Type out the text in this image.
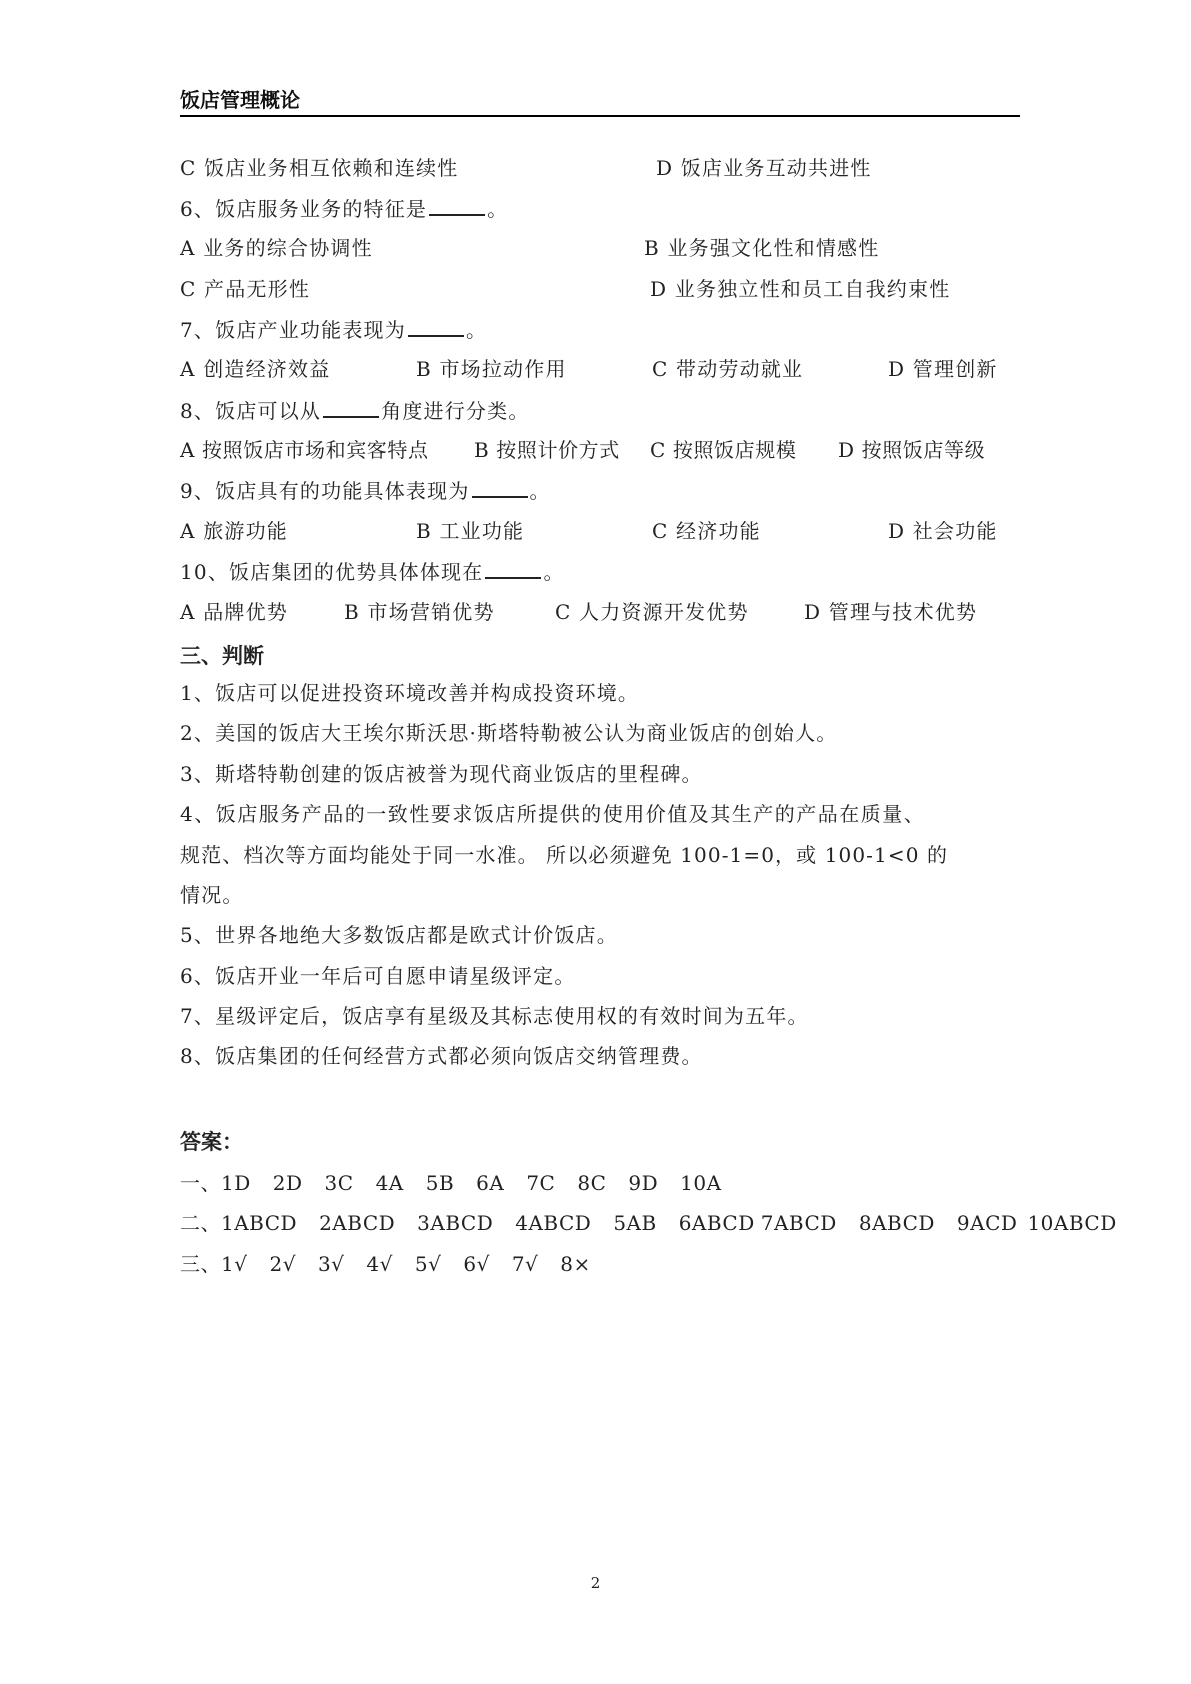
饭店管理概论
C 饭店业务相互依赖和连续性	D 饭店业务互动共进性
6、饭店服务业务的特征是	。
A 业务的综合协调性	B 业务强文化性和情感性
C 产品无形性	D 业务独立性和员工自我约束性
7、饭店产业功能表现为	。
A 创造经济效益	B 市场拉动作用	C 带动劳动就业	D 管理创新
8、饭店可以从	角度进行分类。
A 按照饭店市场和宾客特点 B 按照计价方式 C 按照饭店规模 D 按照饭店等级
9、饭店具有的功能具体表现为	。
A 旅游功能	B 工业功能	C 经济功能	D 社会功能
10、饭店集团的优势具体体现在	。
A 品牌优势	B 市场营销优势	C 人力资源开发优势	D 管理与技术优势
三、判断
1、饭店可以促进投资环境改善并构成投资环境。
2、美国的饭店大王埃尔斯沃思·斯塔特勒被公认为商业饭店的创始人。
3、斯塔特勒创建的饭店被誉为现代商业饭店的里程碑。
4、饭店服务产品的一致性要求饭店所提供的使用价值及其生产的产品在质量、
规范、档次等方面均能处于同一水准。 所以必须避免 100-1=0，或 100-1<0 的
情况。
5、世界各地绝大多数饭店都是欧式计价饭店。
6、饭店开业一年后可自愿申请星级评定。
7、星级评定后，饭店享有星级及其标志使用权的有效时间为五年。
8、饭店集团的任何经营方式都必须向饭店交纳管理费。
答案：
一、1D 2D 3C 4A 5B 6A 7C 8C 9D 10A
二、1ABCD 2ABCD 3ABCD 4ABCD 5AB 6ABCD 7ABCD 8ABCD 9ACD 10ABCD
三、1√ 2√ 3√ 4√ 5√ 6√ 7√ 8×
2
